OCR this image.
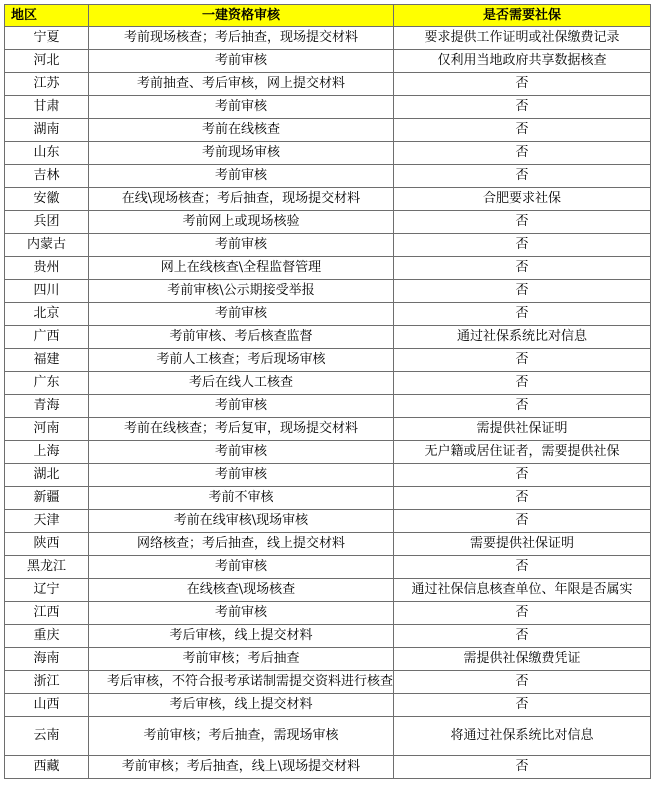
地区	一建资格审核	是否需要社保
宁夏	考前现场核查；考后抽查，现场提交材料	要求提供工作证明或社保缴费记录
河北	考前审核	仅利用当地政府共享数据核查
江苏	考前抽查、考后审核，网上提交材料	否
甘肃	考前审核	否
湖南	考前在线核查	否
山东	考前现场审核	否
吉林	考前审核	否
安徽	在线\现场核查；考后抽查，现场提交材料	合肥要求社保
兵团	考前网上或现场核验	否
内蒙古	考前审核	否
贵州	网上在线核查\全程监督管理	否
四川	考前审核\公示期接受举报	否
北京	考前审核	否
广西	考前审核、考后核查监督	通过社保系统比对信息
福建	考前人工核查；考后现场审核	否
广东	考后在线人工核查	否
青海	考前审核	否
河南	考前在线核查；考后复审，现场提交材料	需提供社保证明
上海	考前审核	无户籍或居住证者，需要提供社保
湖北	考前审核	否
新疆	考前不审核	否
天津	考前在线审核\现场审核	否
陕西	网络核查；考后抽查，线上提交材料	需要提供社保证明
黑龙江	考前审核	否
辽宁	在线核查\现场核查	通过社保信息核查单位、年限是否属实
江西	考前审核	否
重庆	考后审核，线上提交材料	否
海南	考前审核；考后抽查	需提供社保缴费凭证
浙江	考后审核，不符合报考承诺制需提交资料进行核查	否
山西	考后审核，线上提交材料	否
云南	考前审核；考后抽查，需现场审核	将通过社保系统比对信息
西藏	考前审核；考后抽查，线上\现场提交材料	否
